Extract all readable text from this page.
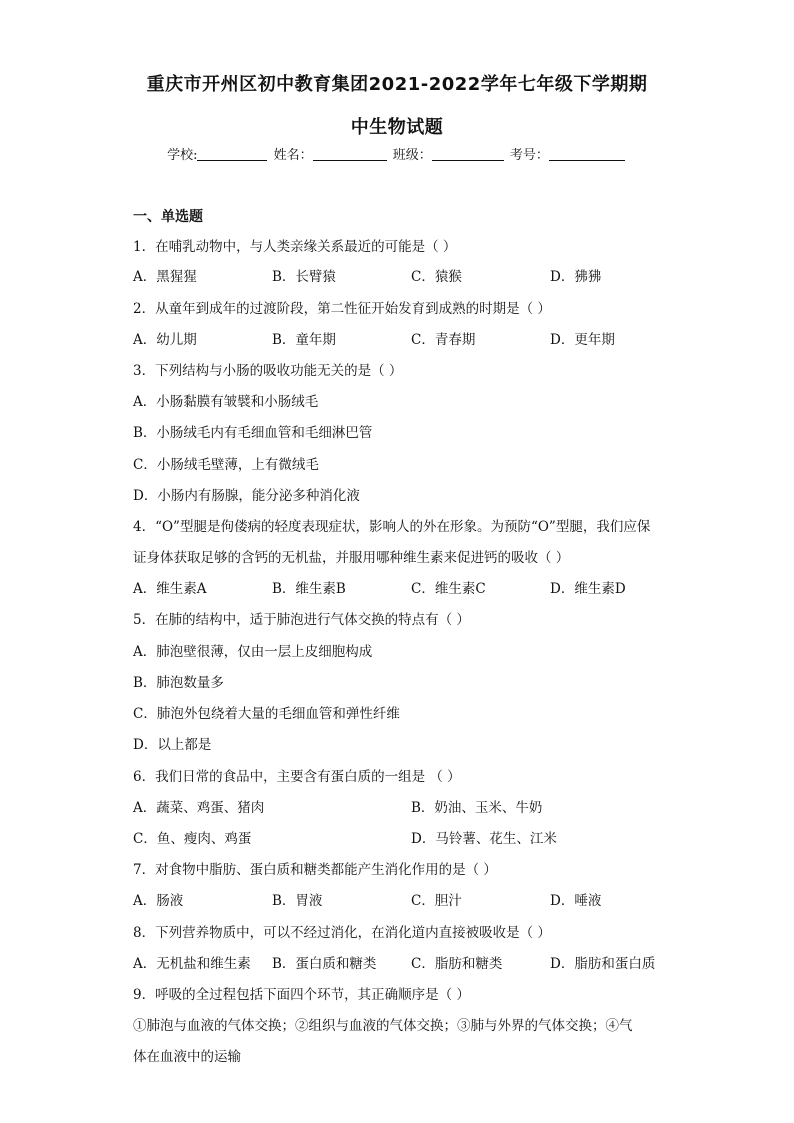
重庆市开州区初中教育集团2021-2022学年七年级下学期期
中生物试题
学校:	姓名：	班级：	考号：
一、单选题
1．在哺乳动物中，与人类亲缘关系最近的可能是（ ）
A．黑猩猩	B．长臂猿	C．猿猴	D．狒狒
2．从童年到成年的过渡阶段，第二性征开始发育到成熟的时期是（ ）
A．幼儿期	B．童年期	C．青春期	D．更年期
3．下列结构与小肠的吸收功能无关的是（ ）
A．小肠黏膜有皱襞和小肠绒毛
B．小肠绒毛内有毛细血管和毛细淋巴管
C．小肠绒毛壁薄，上有微绒毛
D．小肠内有肠腺，能分泌多种消化液
4．“O”型腿是佝偻病的轻度表现症状，影响人的外在形象。为预防“O”型腿，我们应保
证身体获取足够的含钙的无机盐，并服用哪种维生素来促进钙的吸收（ ）
A．维生素A	B．维生素B	C．维生素C	D．维生素D
5．在肺的结构中，适于肺泡进行气体交换的特点有（ ）
A．肺泡壁很薄，仅由一层上皮细胞构成
B．肺泡数量多
C．肺泡外包绕着大量的毛细血管和弹性纤维
D．以上都是
6．我们日常的食品中，主要含有蛋白质的一组是 （ ）
A．蔬菜、鸡蛋、猪肉	B．奶油、玉米、牛奶
C．鱼、瘦肉、鸡蛋	D．马铃薯、花生、江米
7．对食物中脂肪、蛋白质和糖类都能产生消化作用的是（ ）
A．肠液	B．胃液	C．胆汁	D．唾液
8．下列营养物质中，可以不经过消化，在消化道内直接被吸收是（ ）
A．无机盐和维生素 B．蛋白质和糖类	C．脂肪和糖类	D．脂肪和蛋白质
9．呼吸的全过程包括下面四个环节，其正确顺序是（ ）
①肺泡与血液的气体交换；②组织与血液的气体交换；③肺与外界的气体交换；④气
体在血液中的运输
